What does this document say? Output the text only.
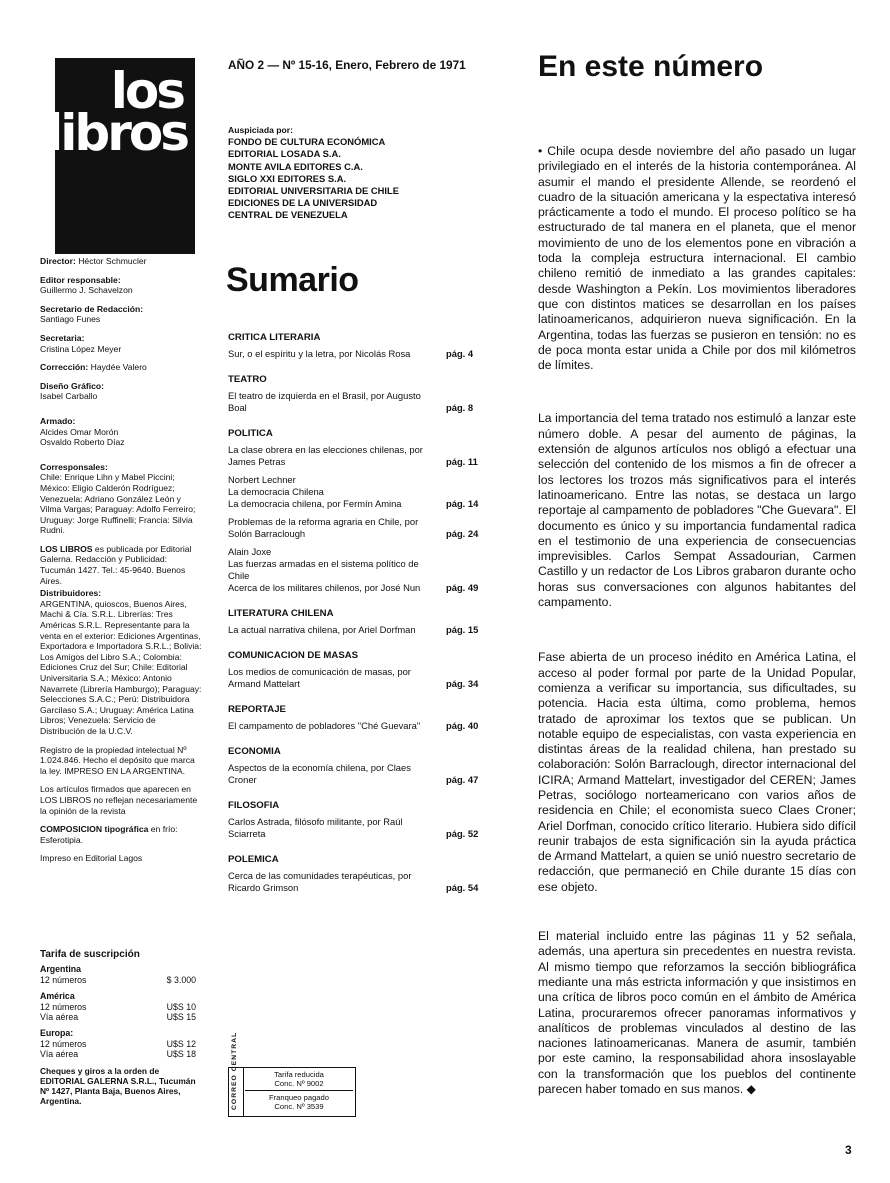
los
libros
AÑO 2 — Nº 15-16, Enero, Febrero de 1971
Auspiciada por:
FONDO DE CULTURA ECONÓMICA
EDITORIAL LOSADA S.A.
MONTE AVILA EDITORES C.A.
SIGLO XXI EDITORES S.A.
EDITORIAL UNIVERSITARIA DE CHILE
EDICIONES DE LA UNIVERSIDAD
CENTRAL DE VENEZUELA
Director: Héctor Schmucler
Editor responsable:
Guillermo J. Schavelzon
Secretario de Redacción:
Santiago Funes
Secretaria:
Cristina López Meyer
Corrección: Haydée Valero
Diseño Gráfico:
Isabel Carballo
Armado:
Alcides Omar Morón
Osvaldo Roberto Díaz
Corresponsales:
Chile: Enrique Lihn y Mabel Piccini; México: Eligio Calderón Rodríguez; Venezuela: Adriano González León y Vilma Vargas; Paraguay: Adolfo Ferreiro; Uruguay: Jorge Ruffinelli; Francia: Silvia Rudni.
LOS LIBROS es publicada por Editorial Galerna. Redacción y Publicidad: Tucumán 1427. Tel.: 45-9640. Buenos Aires.
Distribuidores:
ARGENTINA, quioscos, Buenos Aires, Machi & Cía. S.R.L. Librerías: Tres Américas S.R.L. Representante para la venta en el exterior: Ediciones Argentinas, Exportadora e Importadora S.R.L.; Bolivia: Los Amigos del Libro S.A.; Colombia: Ediciones Cruz del Sur; Chile: Editorial Universitaria S.A.; México: Antonio Navarrete (Librería Hamburgo); Paraguay: Selecciones S.A.C.; Perú: Distribuidora Garcilaso S.A.; Uruguay: América Latina Libros; Venezuela: Servicio de Distribución de la U.C.V.
Registro de la propiedad intelectual Nº 1.024.846. Hecho el depósito que marca la ley. IMPRESO EN LA ARGENTINA.
Los artículos firmados que aparecen en LOS LIBROS no reflejan necesariamente la opinión de la revista
COMPOSICION tipográfica en frío: Esferotipia.
Impreso en Editorial Lagos
Tarifa de suscripción
Argentina
12 números	$ 3.000
América
12 números	U$S 10
Vía aérea	U$S 15
Europa:
12 números	U$S 12
Vía aérea	U$S 18
Cheques y giros a la orden de EDITORIAL GALERNA S.R.L., Tucumán Nº 1427, Planta Baja, Buenos Aires, Argentina.
Sumario
CRITICA LITERARIA
Sur, o el espíritu y la letra, por Nicolás Rosa	pág. 4
TEATRO
El teatro de izquierda en el Brasil, por Augusto Boal	pág. 8
POLITICA
La clase obrera en las elecciones chilenas, por James Petras	pág. 11
Norbert Lechner
La democracia Chilena
La democracia chilena, por Fermín Amina	pág. 14
Problemas de la reforma agraria en Chile, por Solón Barraclough	pág. 24
Alain Joxe
Las fuerzas armadas en el sistema político de Chile
Acerca de los militares chilenos, por José Nun	pág. 49
LITERATURA CHILENA
La actual narrativa chilena, por Ariel Dorfman	pág. 15
COMUNICACION DE MASAS
Los medios de comunicación de masas, por Armand Mattelart	pág. 34
REPORTAJE
El campamento de pobladores "Ché Guevara"	pág. 40
ECONOMIA
Aspectos de la economía chilena, por Claes Croner	pág. 47
FILOSOFIA
Carlos Astrada, filósofo militante, por Raúl Sciarreta	pág. 52
POLEMICA
Cerca de las comunidades terapéuticas, por Ricardo Grimson	pág. 54
CORREO CENTRAL	Tarifa reducida
Conc. Nº 9002
Franqueo pagado
Conc. Nº 3539
En este número

• Chile ocupa desde noviembre del año pasado un lugar privilegiado en el interés de la historia contemporánea. Al asumir el mando el presidente Allende, se reordenó el cuadro de la situación americana y la espectativa interesó prácticamente a todo el mundo. El proceso político se ha estructurado de tal manera en el planeta, que el menor movimiento de uno de los elementos pone en vibración a toda la compleja estructura internacional. El cambio chileno remitió de inmediato a las grandes capitales: desde Washington a Pekín. Los movimientos liberadores que con distintos matices se desarrollan en los países latinoamericanos, adquirieron nueva significación. En la Argentina, todas las fuerzas se pusieron en tensión: no es de poca monta estar unida a Chile por dos mil kilómetros de límites.

La importancia del tema tratado nos estimuló a lanzar este número doble. A pesar del aumento de páginas, la extensión de algunos artículos nos obligó a efectuar una selección del contenido de los mismos a fin de ofrecer a los lectores los trozos más significativos para el interés latinoamericano. Entre las notas, se destaca un largo reportaje al campamento de pobladores "Che Guevara". El documento es único y su importancia fundamental radica en el testimonio de una experiencia de consecuencias imprevisibles. Carlos Sempat Assadourian, Carmen Castillo y un redactor de Los Libros grabaron durante ocho horas sus conversaciones con algunos habitantes del campamento.

Fase abierta de un proceso inédito en América Latina, el acceso al poder formal por parte de la Unidad Popular, comienza a verificar su importancia, sus dificultades, su potencia. Hacia esta última, como problema, hemos tratado de aproximar los textos que se publican. Un notable equipo de especialistas, con vasta experiencia en distintas áreas de la realidad chilena, han prestado su colaboración: Solón Barraclough, director internacional del ICIRA; Armand Mattelart, investigador del CEREN; James Petras, sociólogo norteamericano con varios años de residencia en Chile; el economista sueco Claes Croner; Ariel Dorfman, conocido crítico literario. Hubiera sido difícil reunir trabajos de esta significación sin la ayuda práctica de Armand Mattelart, a quien se unió nuestro secretario de redacción, que permaneció en Chile durante 15 días con ese objeto.

El material incluido entre las páginas 11 y 52 señala, además, una apertura sin precedentes en nuestra revista. Al mismo tiempo que reforzamos la sección bibliográfica mediante una más estricta información y que insistimos en una crítica de libros poco común en el ámbito de América Latina, procuraremos ofrecer panoramas informativos y analíticos de problemas vinculados al destino de las naciones latinoamericanas. Manera de asumir, también por este camino, la responsabilidad ahora insoslayable con la transformación que los pueblos del continente parecen haber tomado en sus manos. ◆

3
